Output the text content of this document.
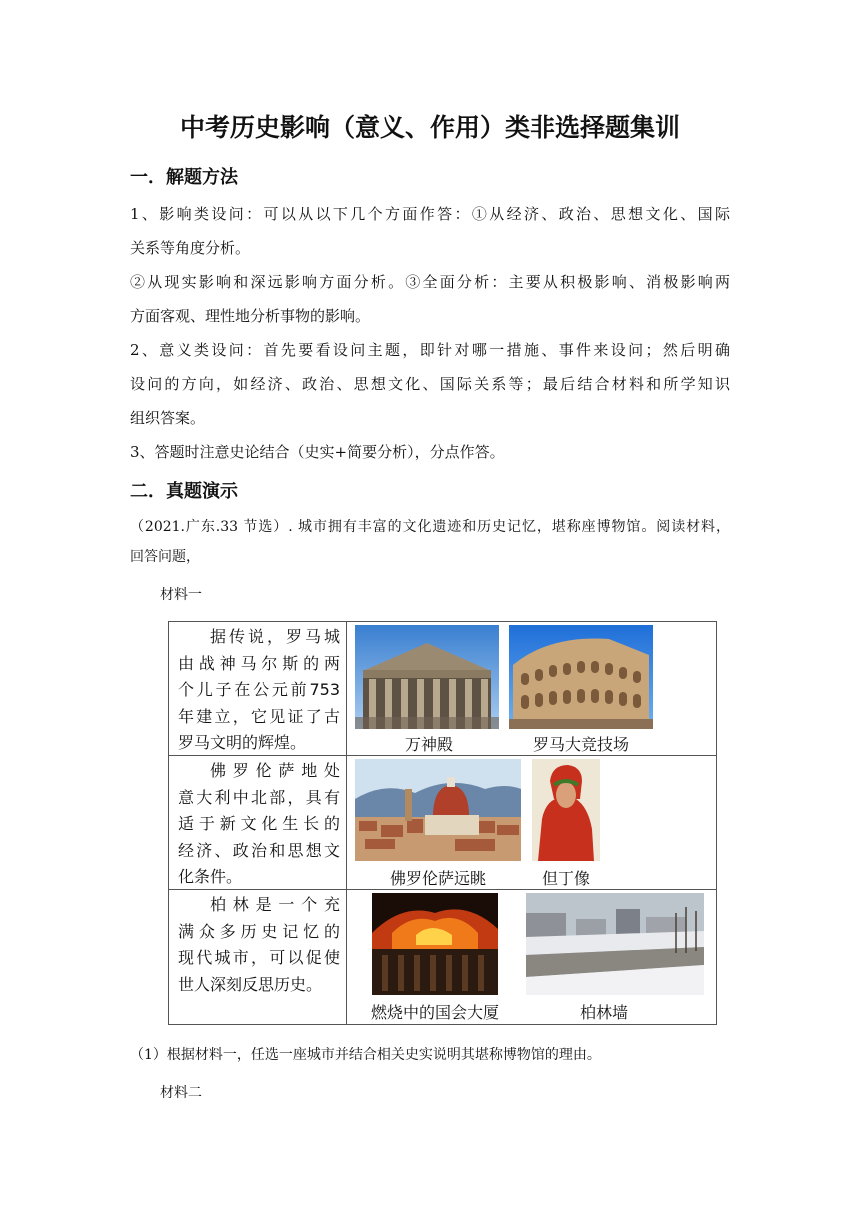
中考历史影响（意义、作用）类非选择题集训
一．解题方法

1、影响类设问：可以从以下几个方面作答：①从经济、政治、思想文化、国际

关系等角度分析。

②从现实影响和深远影响方面分析。③全面分析：主要从积极影响、消极影响两

方面客观、理性地分析事物的影响。

2、意义类设问：首先要看设问主题，即针对哪一措施、事件来设问；然后明确

设问的方向，如经济、政治、思想文化、国际关系等；最后结合材料和所学知识

组织答案。

3、答题时注意史论结合（史实+简要分析），分点作答。

二．真题演示
（2021.广东.33 节选）. 城市拥有丰富的文化遗迹和历史记忆，堪称座博物馆。阅读材料，
回答问题，
材料一
据传说，罗马城
由战神马尔斯的两
个儿子在公元前753
年建立，它见证了古
罗马文明的辉煌。	万神殿	罗马大竞技场
佛罗伦萨地处
意大利中北部，具有
适于新文化生长的
经济、政治和思想文
化条件。	佛罗伦萨远眺	但丁像
柏林是一个充
满众多历史记忆的
现代城市，可以促使
世人深刻反思历史。
燃烧中的国会大厦	柏林墙
（1）根据材料一，任选一座城市并结合相关史实说明其堪称博物馆的理由。
材料二
